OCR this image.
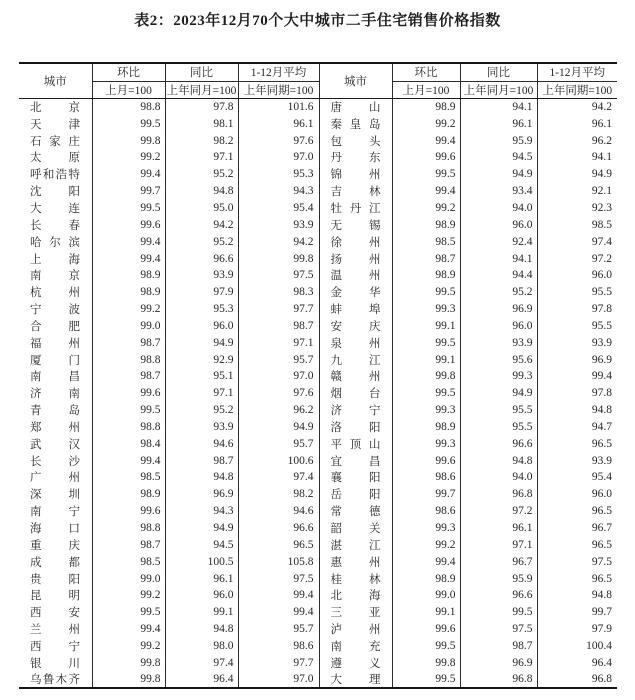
表2：2023年12月70个大中城市二手住宅销售价格指数
城市	环比	同比	1-12月平均	城市	环比	同比	1-12月平均
	上月=100	上年同月=100	上年同期=100		上月=100	上年同月=100	上年同期=100

北 京	98.8	97.8	101.6	唐 山	98.9	94.1	94.2

天 津	99.5	98.1	96.1	秦 皇 岛	99.2	96.1	96.1

石 家 庄	99.8	98.2	97.6	包 头	99.4	95.9	96.2

太 原	99.2	97.1	97.0	丹 东	99.6	94.5	94.1

呼 和 浩 特	99.4	95.2	95.3	锦 州	99.5	94.9	94.9

沈 阳	99.7	94.8	94.3	吉 林	99.4	93.4	92.1

大 连	99.5	95.0	95.4	牡 丹 江	99.2	94.0	92.3

长 春	99.6	94.2	93.9	无 锡	98.9	96.0	98.5

哈 尔 滨	99.4	95.2	94.2	徐 州	98.5	92.4	97.4

上 海	99.4	96.6	99.8	扬 州	98.7	94.1	97.2

南 京	98.9	93.9	97.5	温 州	98.9	94.4	96.0

杭 州	98.9	97.9	98.3	金 华	99.5	95.2	95.5

宁 波	99.2	95.3	97.7	蚌 埠	99.3	96.9	97.8

合 肥	99.0	96.0	98.7	安 庆	99.1	96.0	95.5

福 州	98.7	94.9	97.1	泉 州	99.5	93.9	93.9

厦 门	98.8	92.9	95.7	九 江	99.1	95.6	96.9

南 昌	98.7	95.1	97.0	赣 州	99.8	99.3	99.4

济 南	99.6	97.1	97.6	烟 台	99.5	94.9	97.8

青 岛	99.5	95.2	96.2	济 宁	99.3	95.5	94.8

郑 州	98.8	93.9	94.9	洛 阳	98.9	95.5	94.7

武 汉	98.4	94.6	95.7	平 顶 山	99.3	96.6	96.5

长 沙	99.4	98.7	100.6	宜 昌	99.6	94.8	93.9

广 州	98.5	94.8	97.4	襄 阳	98.6	94.0	95.4

深 圳	98.9	96.9	98.2	岳 阳	99.7	96.8	96.0

南 宁	99.6	94.3	94.6	常 德	98.6	97.2	96.5

海 口	98.8	94.9	96.6	韶 关	99.3	96.1	96.7

重 庆	98.7	94.5	96.5	湛 江	99.2	97.1	96.5

成 都	98.5	100.5	105.8	惠 州	99.4	96.7	97.5

贵 阳	99.0	96.1	97.5	桂 林	98.9	95.9	96.5

昆 明	99.2	96.0	99.4	北 海	99.0	96.6	94.8

西 安	99.5	99.1	99.4	三 亚	99.1	99.5	99.7

兰 州	99.4	94.8	95.7	泸 州	99.6	97.5	97.9

西 宁	99.2	98.0	98.6	南 充	99.5	98.7	100.4

银 川	99.8	97.4	97.7	遵 义	99.8	96.9	96.4

乌 鲁 木 齐	99.8	96.4	97.0	大 理	99.5	96.8	96.8
